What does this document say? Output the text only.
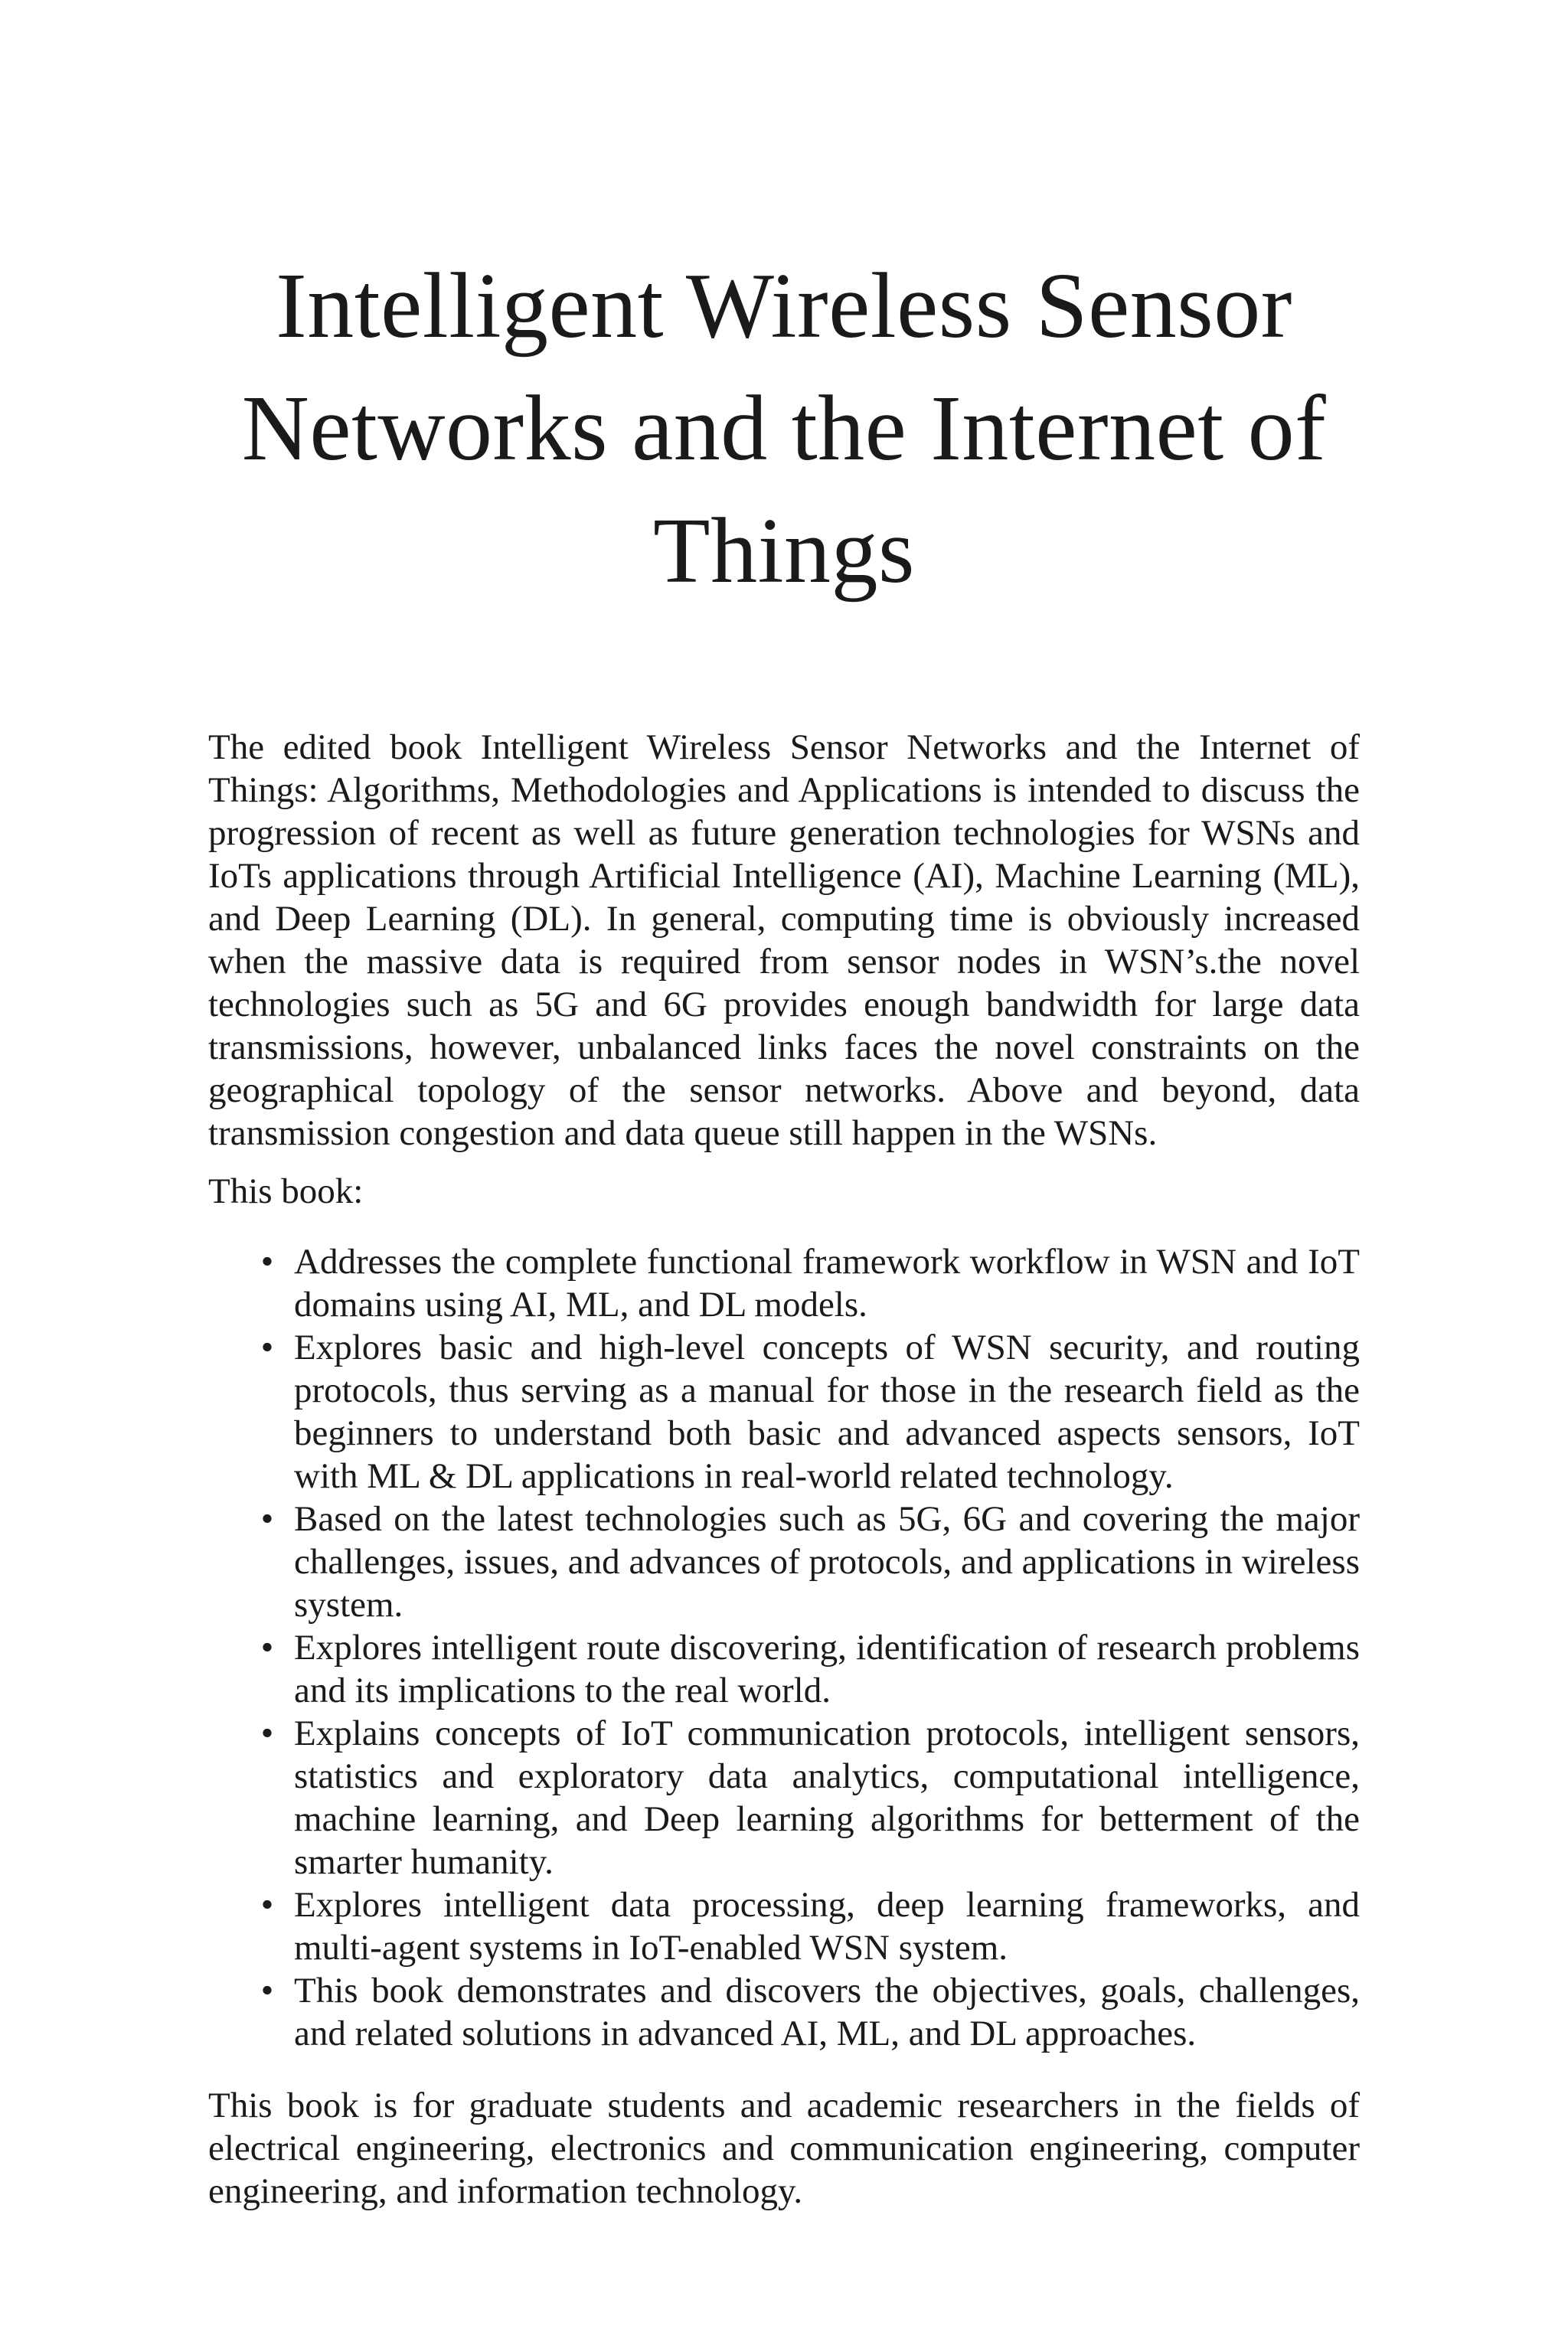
Intelligent Wireless Sensor Networks and the Internet of Things

The edited book Intelligent Wireless Sensor Networks and the Internet of Things: Algorithms, Methodologies and Applications is intended to discuss the progression of recent as well as future generation technologies for WSNs and IoTs applications through Artificial Intelligence (AI), Machine Learning (ML), and Deep Learning (DL). In general, computing time is obviously increased when the massive data is required from sensor nodes in WSN’s.the novel technologies such as 5G and 6G provides enough bandwidth for large data transmissions, however, unbalanced links faces the novel constraints on the geographical topology of the sensor networks. Above and beyond, data transmission congestion and data queue still happen in the WSNs.

This book:

• Addresses the complete functional framework workflow in WSN and IoT domains using AI, ML, and DL models.
• Explores basic and high-level concepts of WSN security, and routing protocols, thus serving as a manual for those in the research field as the beginners to understand both basic and advanced aspects sensors, IoT with ML & DL applications in real-world related technology.
• Based on the latest technologies such as 5G, 6G and covering the major challenges, issues, and advances of protocols, and applications in wireless system.
• Explores intelligent route discovering, identification of research problems and its implications to the real world.
• Explains concepts of IoT communication protocols, intelligent sensors, statistics and exploratory data analytics, computational intelligence, machine learning, and Deep learning algorithms for betterment of the smarter humanity.
• Explores intelligent data processing, deep learning frameworks, and multi-agent systems in IoT-enabled WSN system.
• This book demonstrates and discovers the objectives, goals, challenges, and related solutions in advanced AI, ML, and DL approaches.

This book is for graduate students and academic researchers in the fields of electrical engineering, electronics and communication engineering, computer engineering, and information technology.
